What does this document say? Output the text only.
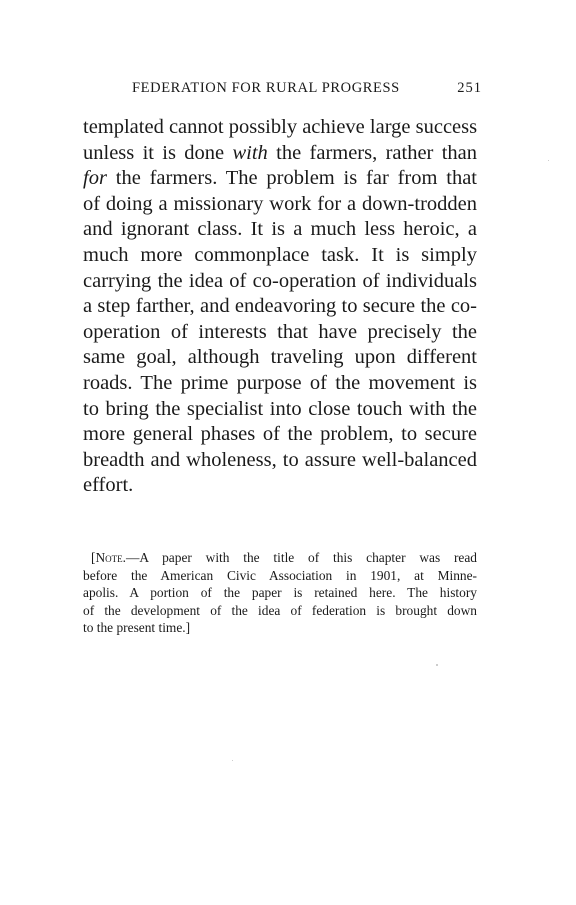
FEDERATION FOR RURAL PROGRESS	251
templated cannot possibly achieve large success
unless it is done with the farmers, rather than
for the farmers. The problem is far from that
of doing a missionary work for a down-trodden
and ignorant class. It is a much less heroic, a
much more commonplace task. It is simply
carrying the idea of co-operation of individuals
a step farther, and endeavoring to secure the co-
operation of interests that have precisely the
same goal, although traveling upon different
roads. The prime purpose of the movement is
to bring the specialist into close touch with the
more general phases of the problem, to secure
breadth and wholeness, to assure well-balanced
effort.
[Note.—A paper with the title of this chapter was read
before the American Civic Association in 1901, at Minne-
apolis. A portion of the paper is retained here. The history
of the development of the idea of federation is brought down
to the present time.]
